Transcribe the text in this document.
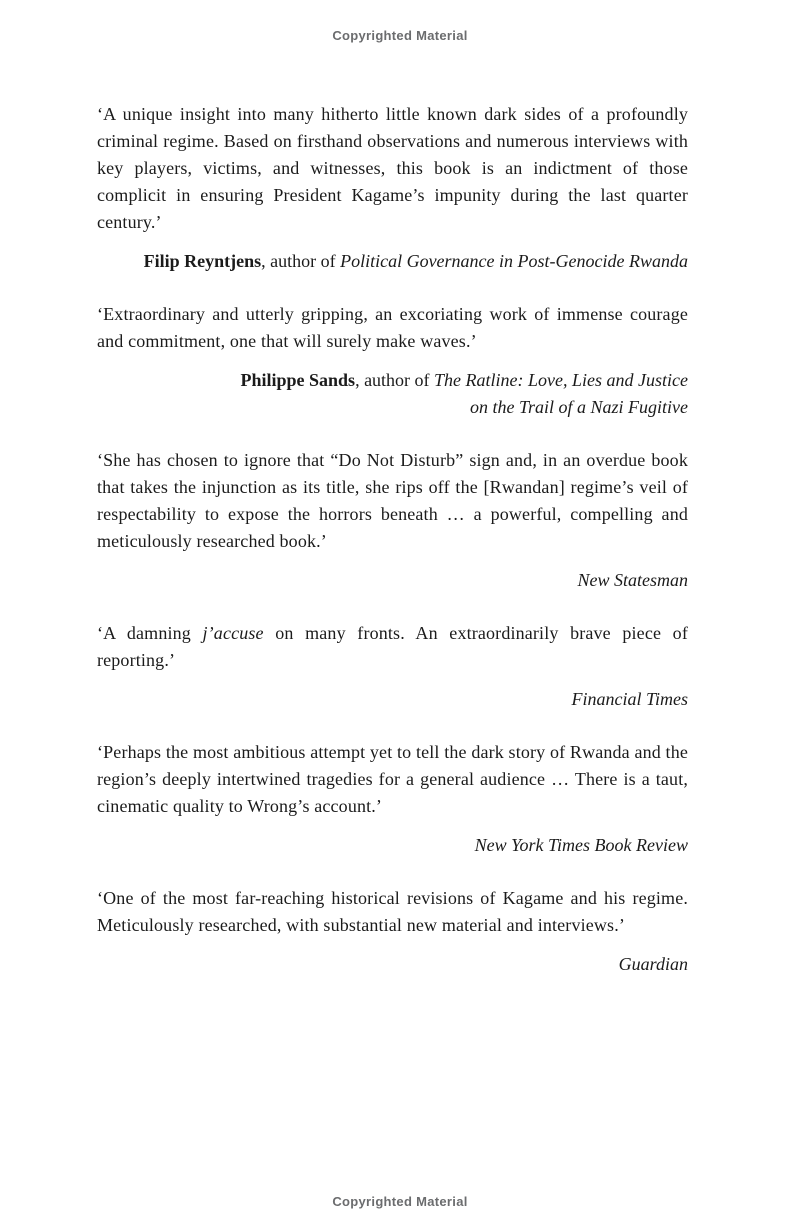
Copyrighted Material

‘A unique insight into many hitherto little known dark sides of a profoundly criminal regime. Based on firsthand observations and numerous interviews with key players, victims, and witnesses, this book is an indictment of those complicit in ensuring President Kagame’s impunity during the last quarter century.’

Filip Reyntjens, author of Political Governance in Post-Genocide Rwanda

‘Extraordinary and utterly gripping, an excoriating work of immense courage and commitment, one that will surely make waves.’

Philippe Sands, author of The Ratline: Love, Lies and Justice on the Trail of a Nazi Fugitive

‘She has chosen to ignore that “Do Not Disturb” sign and, in an overdue book that takes the injunction as its title, she rips off the [Rwandan] regime’s veil of respectability to expose the horrors beneath … a powerful, compelling and meticulously researched book.’

New Statesman

‘A damning j’accuse on many fronts. An extraordinarily brave piece of reporting.’

Financial Times

‘Perhaps the most ambitious attempt yet to tell the dark story of Rwanda and the region’s deeply intertwined tragedies for a general audience … There is a taut, cinematic quality to Wrong’s account.’

New York Times Book Review

‘One of the most far-reaching historical revisions of Kagame and his regime. Meticulously researched, with substantial new material and interviews.’

Guardian

Copyrighted Material
